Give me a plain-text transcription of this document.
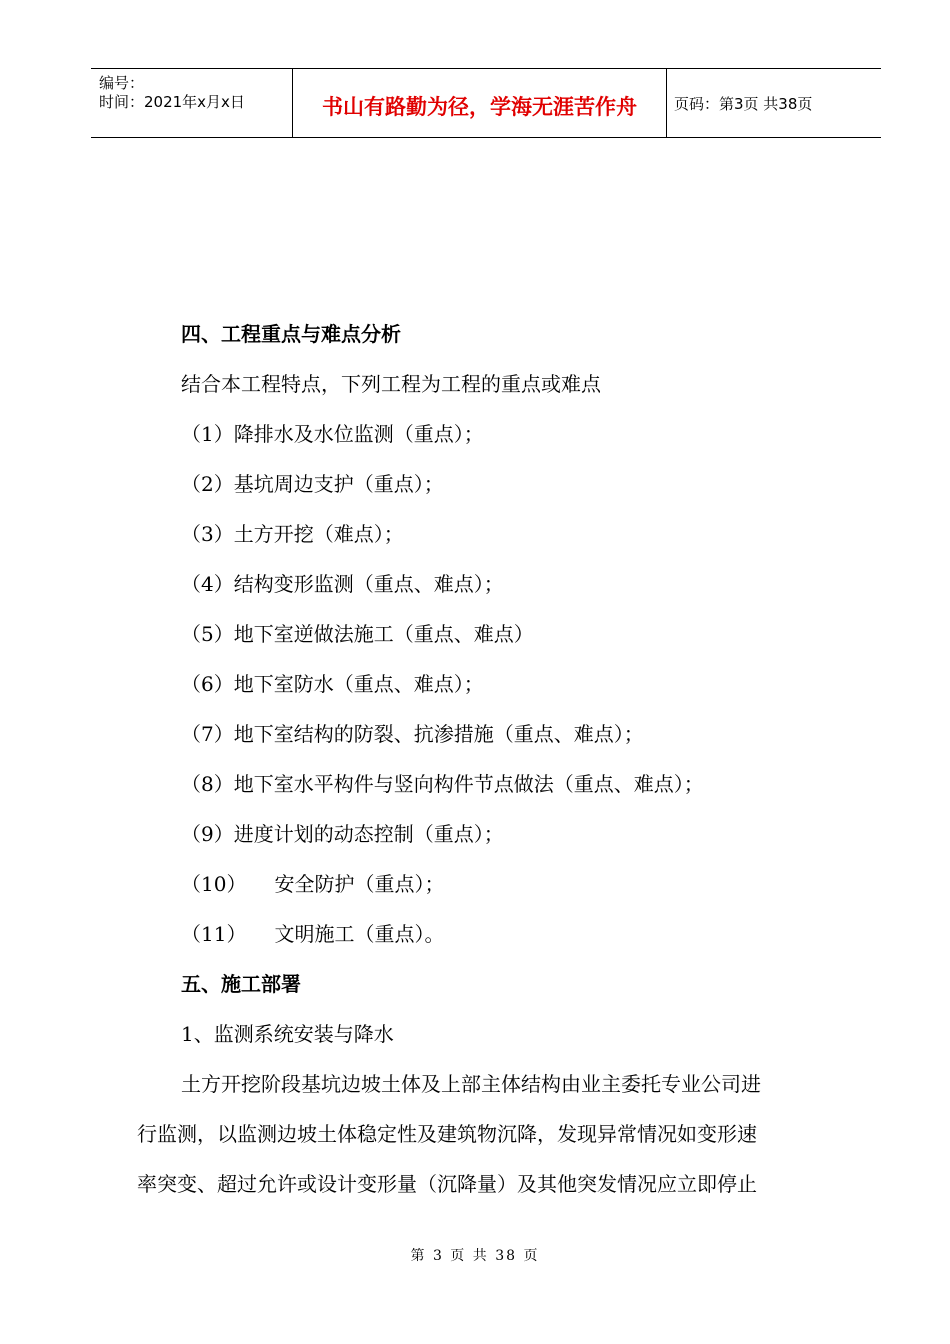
编号：
时间：2021年x月x日	书山有路勤为径，学海无涯苦作舟	页码：第3页 共38页
四、工程重点与难点分析
结合本工程特点，下列工程为工程的重点或难点
（1）降排水及水位监测（重点）；
（2）基坑周边支护（重点）；
（3）土方开挖（难点）；
（4）结构变形监测（重点、难点）；
（5）地下室逆做法施工（重点、难点）
（6）地下室防水（重点、难点）；
（7）地下室结构的防裂、抗渗措施（重点、难点）；
（8）地下室水平构件与竖向构件节点做法（重点、难点）；
（9）进度计划的动态控制（重点）；
（10） 安全防护（重点）；
（11） 文明施工（重点）。
五、施工部署
1、监测系统安装与降水
土方开挖阶段基坑边坡土体及上部主体结构由业主委托专业公司进
行监测，以监测边坡土体稳定性及建筑物沉降，发现异常情况如变形速
率突变、超过允许或设计变形量（沉降量）及其他突发情况应立即停止
第 3 页 共 38 页
